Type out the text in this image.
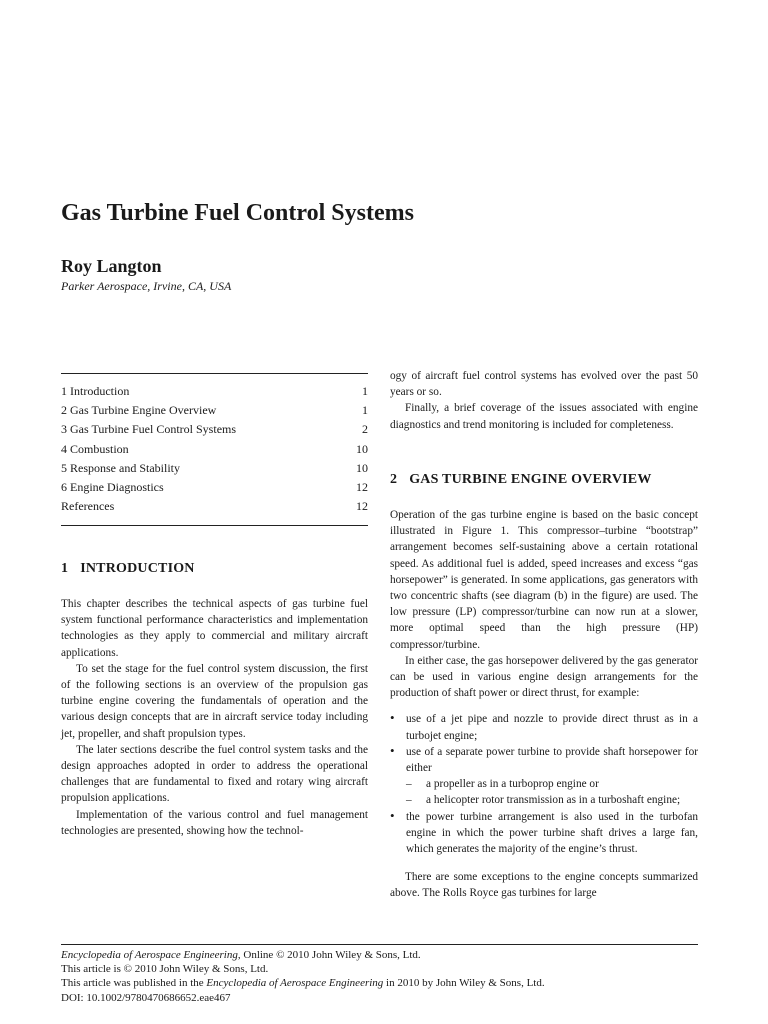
Gas Turbine Fuel Control Systems
Roy Langton
Parker Aerospace, Irvine, CA, USA
1 Introduction	1
2 Gas Turbine Engine Overview	1
3 Gas Turbine Fuel Control Systems	2
4 Combustion	10
5 Response and Stability	10
6 Engine Diagnostics	12
References	12
1 INTRODUCTION

This chapter describes the technical aspects of gas turbine fuel system functional performance characteristics and implementation technologies as they apply to commercial and military aircraft applications.

To set the stage for the fuel control system discussion, the first of the following sections is an overview of the propulsion gas turbine engine covering the fundamentals of operation and the various design concepts that are in aircraft service today including jet, propeller, and shaft propulsion types.

The later sections describe the fuel control system tasks and the design approaches adopted in order to address the operational challenges that are fundamental to fixed and rotary wing aircraft propulsion applications.

Implementation of the various control and fuel management technologies are presented, showing how the technol-

ogy of aircraft fuel control systems has evolved over the past 50 years or so.

Finally, a brief coverage of the issues associated with engine diagnostics and trend monitoring is included for completeness.

2 GAS TURBINE ENGINE OVERVIEW

Operation of the gas turbine engine is based on the basic concept illustrated in Figure 1. This compressor–turbine “bootstrap” arrangement becomes self-sustaining above a certain rotational speed. As additional fuel is added, speed increases and excess “gas horsepower” is generated. In some applications, gas generators with two concentric shafts (see diagram (b) in the figure) are used. The low pressure (LP) compressor/turbine can now run at a slower, more optimal speed than the high pressure (HP) compressor/turbine.

In either case, the gas horsepower delivered by the gas generator can be used in various engine design arrangements for the production of shaft power or direct thrust, for example:

• use of a jet pipe and nozzle to provide direct thrust as in a turbojet engine;
• use of a separate power turbine to provide shaft horsepower for either
– a propeller as in a turboprop engine or
– a helicopter rotor transmission as in a turboshaft engine;
• the power turbine arrangement is also used in the turbofan engine in which the power turbine shaft drives a large fan, which generates the majority of the engine’s thrust.

There are some exceptions to the engine concepts summarized above. The Rolls Royce gas turbines for large

Encyclopedia of Aerospace Engineering, Online © 2010 John Wiley & Sons, Ltd.
This article is © 2010 John Wiley & Sons, Ltd.
This article was published in the Encyclopedia of Aerospace Engineering in 2010 by John Wiley & Sons, Ltd.
DOI: 10.1002/9780470686652.eae467
